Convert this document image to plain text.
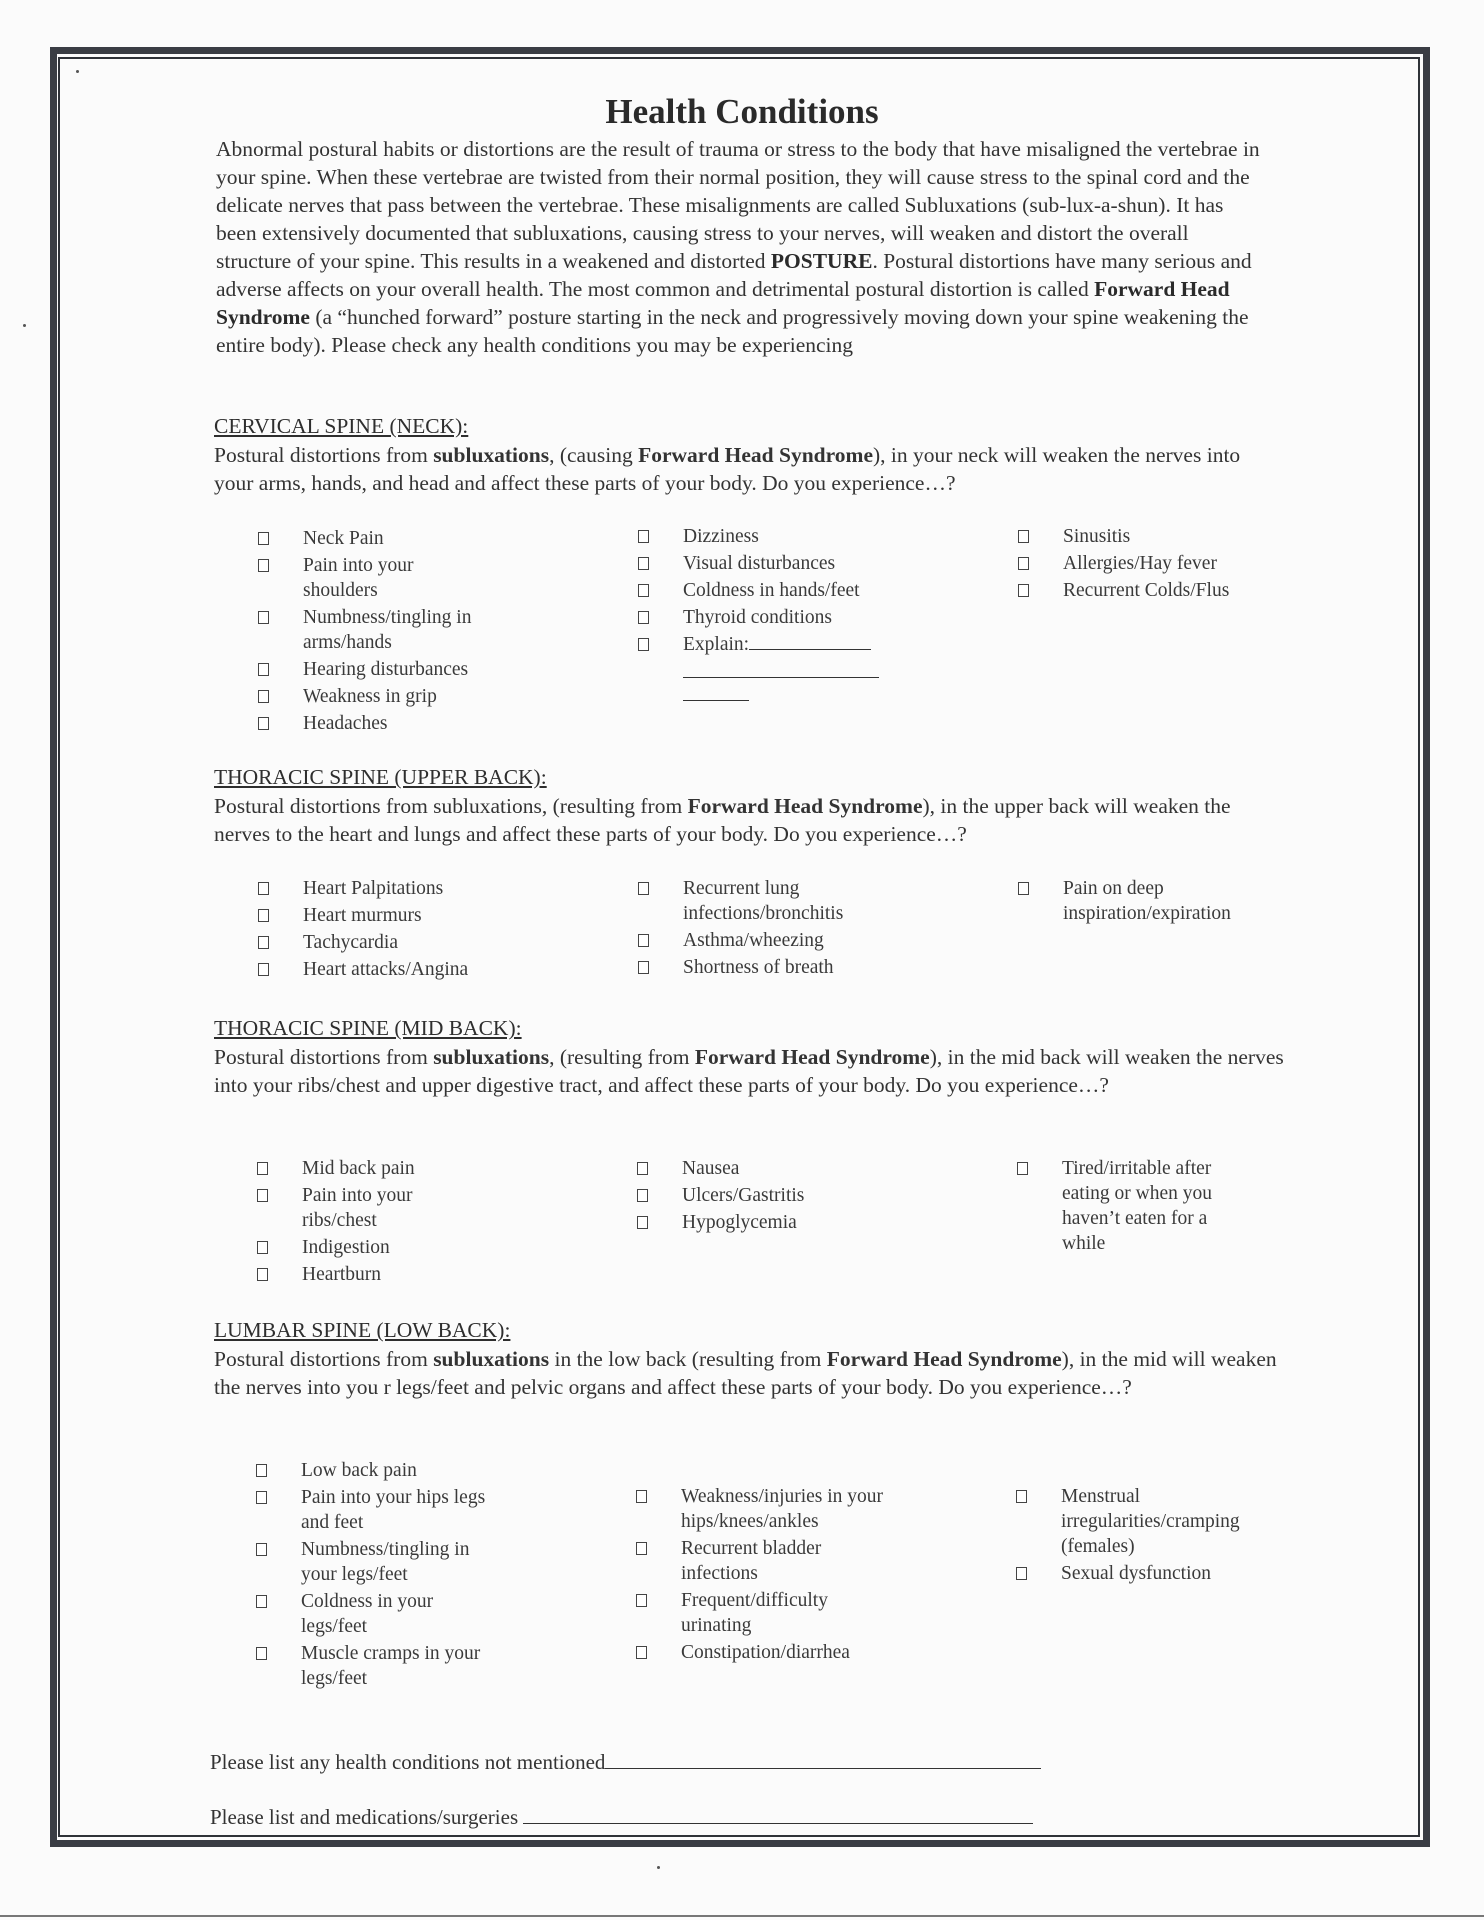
Health Conditions
Abnormal postural habits or distortions are the result of trauma or stress to the body that have misaligned the vertebrae in your spine. When these vertebrae are twisted from their normal position, they will cause stress to the spinal cord and the delicate nerves that pass between the vertebrae. These misalignments are called Subluxations (sub-lux-a-shun). It has been extensively documented that subluxations, causing stress to your nerves, will weaken and distort the overall structure of your spine. This results in a weakened and distorted POSTURE. Postural distortions have many serious and adverse affects on your overall health. The most common and detrimental postural distortion is called Forward Head Syndrome (a “hunched forward” posture starting in the neck and progressively moving down your spine weakening the entire body). Please check any health conditions you may be experiencing
CERVICAL SPINE (NECK):
Postural distortions from subluxations, (causing Forward Head Syndrome), in your neck will weaken the nerves into your arms, hands, and head and affect these parts of your body. Do you experience…?
Neck Pain
Pain into your shoulders
Numbness/tingling in arms/hands
Hearing disturbances
Weakness in grip
Headaches
Dizziness
Visual disturbances
Coldness in hands/feet
Thyroid conditions
Explain:
Sinusitis
Allergies/Hay fever
Recurrent Colds/Flus
THORACIC SPINE (UPPER BACK):
Postural distortions from subluxations, (resulting from Forward Head Syndrome), in the upper back will weaken the nerves to the heart and lungs and affect these parts of your body. Do you experience…?
Heart Palpitations
Heart murmurs
Tachycardia
Heart attacks/Angina
Recurrent lung infections/bronchitis
Asthma/wheezing
Shortness of breath
Pain on deep inspiration/expiration
THORACIC SPINE (MID BACK):
Postural distortions from subluxations, (resulting from Forward Head Syndrome), in the mid back will weaken the nerves into your ribs/chest and upper digestive tract, and affect these parts of your body. Do you experience…?
Mid back pain
Pain into your ribs/chest
Indigestion
Heartburn
Nausea
Ulcers/Gastritis
Hypoglycemia
Tired/irritable after eating or when you haven’t eaten for a while
LUMBAR SPINE (LOW BACK):
Postural distortions from subluxations in the low back (resulting from Forward Head Syndrome), in the mid will weaken the nerves into you r legs/feet and pelvic organs and affect these parts of your body. Do you experience…?
Low back pain
Pain into your hips legs and feet
Numbness/tingling in your legs/feet
Coldness in your legs/feet
Muscle cramps in your legs/feet
Weakness/injuries in your hips/knees/ankles
Recurrent bladder infections
Frequent/difficulty urinating
Constipation/diarrhea
Menstrual irregularities/cramping (females)
Sexual dysfunction
Please list any health conditions not mentioned
Please list and medications/surgeries
